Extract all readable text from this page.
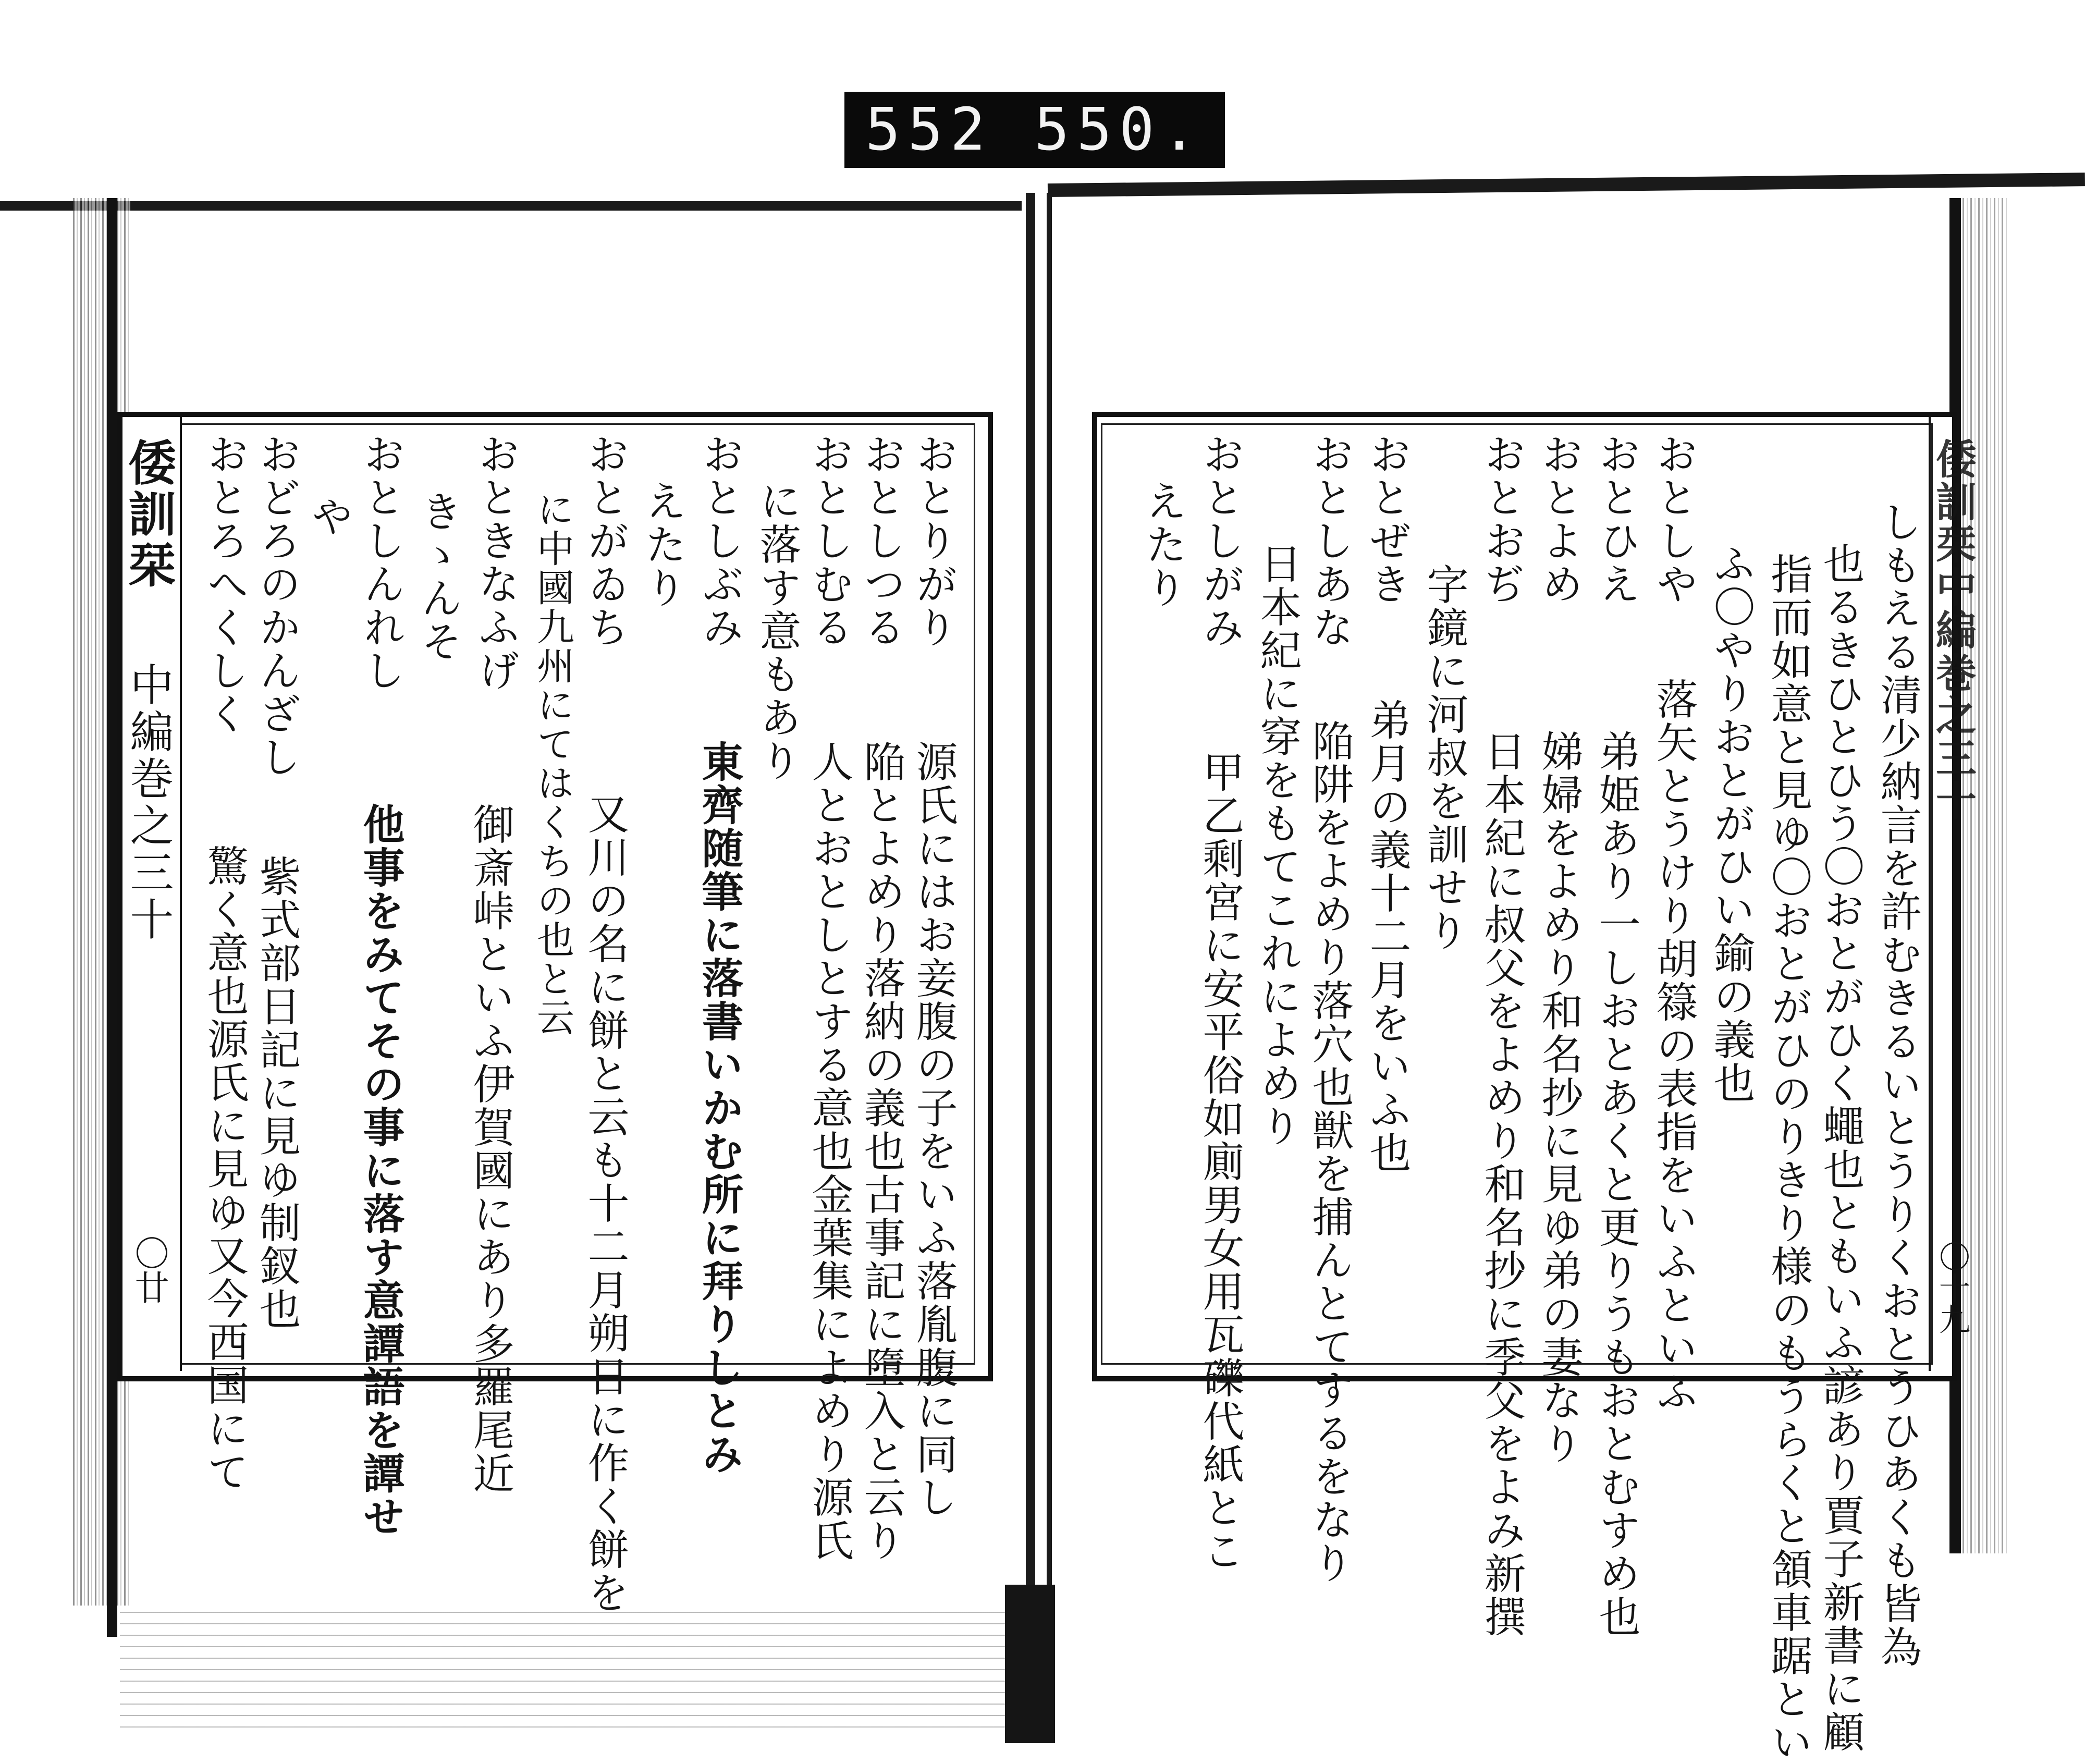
552 550.
倭訓栞
中編巻之三十
〇廿
おとりがり
おとしつる
おとしむる
に落す意もあり
おとしぶみ
えたり
おとがゐち
に中國九州にてはくちの也と云
おときなふげ
きゝんそ
おとしんれし
や
おどろのかんざし
おとろへくしく
源氏にはお妾腹の子をいふ落胤腹に同し
陥とよめり落納の義也古事記に墮入と云り
人とおとしとする意也金葉集によめり源氏
東齊随筆に落書いかむ所に拜りしとみ
又川の名に餅と云も十二月朔日に作く餅を
御斎峠といふ伊賀國にあり多羅尾近
他事をみてその事に落す意譚語を譚せ
紫式部日記に見ゆ制釵也
驚く意也源氏に見ゆ又今西国にて
倭訓栞中編巻之三十
〇十九
しもえる清少納言を許むきるいとうりくおとうひあくも皆為
也るきひとひう〇おとがひく蠅也ともいふ諺あり賈子新書に顧
指而如意と見ゆ〇おとがひのりきり様のもうらくと頷車踞とい
ふ〇やりおとがひい鍮の義也
おとしや
落矢とうけり胡簶の表指をいふといふ
おとひえ
弟姫あり一しおとあくと更りうもおとむすめ也
おとよめ
娣婦をよめり和名抄に見ゆ弟の妻なり
おとおぢ
日本紀に叔父をよめり和名抄に季父をよみ新撰
字鏡に河叔を訓せり
おとぜき
弟月の義十二月をいふ也
おとしあな
陥阱をよめり落穴也獣を捕んとてするをなり
日本紀に穿をもてこれによめり
おとしがみ
甲乙剩宮に安平俗如廁男女用瓦礫代紙とこ
えたり
